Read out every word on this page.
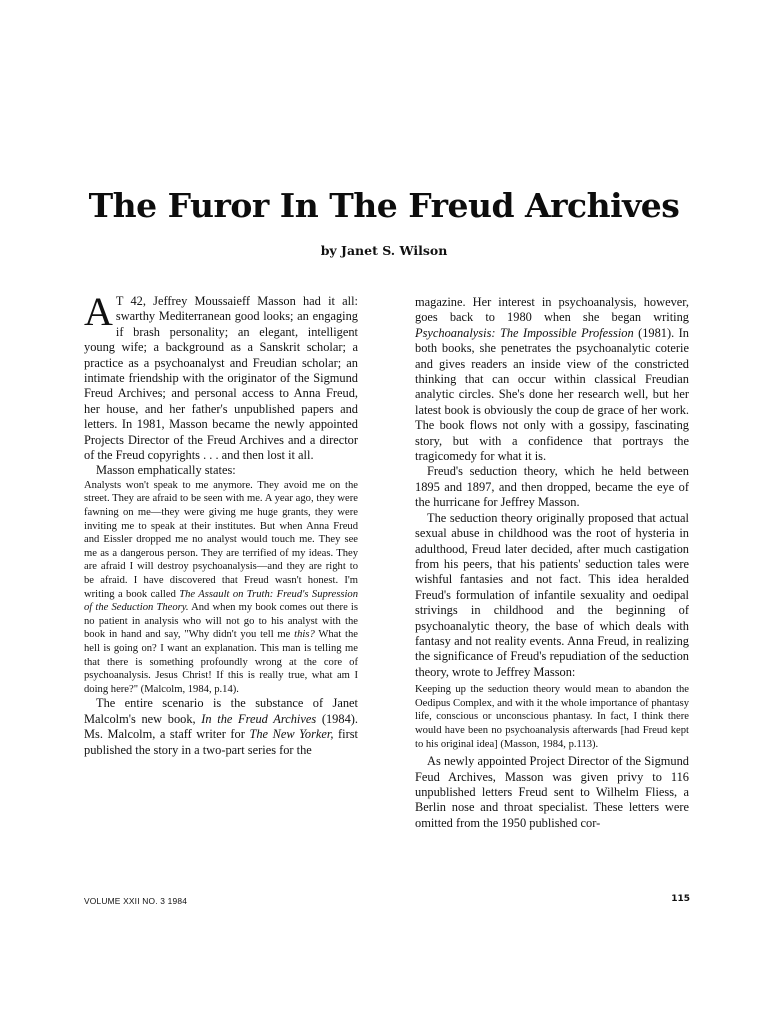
The Furor In The Freud Archives
by Janet S. Wilson

A T 42, Jeffrey Moussaieff Masson had it all: swarthy Mediterranean good looks; an engaging if brash personality; an elegant, intelligent young wife; a background as a Sanskrit scholar; a practice as a psychoanalyst and Freudian scholar; an intimate friendship with the originator of the Sigmund Freud Archives; and personal access to Anna Freud, her house, and her father's unpublished papers and letters. In 1981, Masson became the newly appointed Projects Director of the Freud Archives and a director of the Freud copyrights . . . and then lost it all.

Masson emphatically states:

Analysts won't speak to me anymore. They avoid me on the street. They are afraid to be seen with me. A year ago, they were fawning on me—they were giving me huge grants, they were inviting me to speak at their institutes. But when Anna Freud and Eissler dropped me no analyst would touch me. They see me as a dangerous person. They are terrified of my ideas. They are afraid I will destroy psychoanalysis—and they are right to be afraid. I have discovered that Freud wasn't honest. I'm writing a book called The Assault on Truth: Freud's Supression of the Seduction Theory. And when my book comes out there is no patient in analysis who will not go to his analyst with the book in hand and say, "Why didn't you tell me this? What the hell is going on? I want an explanation. This man is telling me that there is something profoundly wrong at the core of psychoanalysis. Jesus Christ! If this is really true, what am I doing here?" (Malcolm, 1984, p.14).

The entire scenario is the substance of Janet Malcolm's new book, In the Freud Archives (1984). Ms. Malcolm, a staff writer for The New Yorker, first published the story in a two-part series for the

magazine. Her interest in psychoanalysis, however, goes back to 1980 when she began writing Psychoanalysis: The Impossible Profession (1981). In both books, she penetrates the psychoanalytic coterie and gives readers an inside view of the constricted thinking that can occur within classical Freudian analytic circles. She's done her research well, but her latest book is obviously the coup de grace of her work. The book flows not only with a gossipy, fascinating story, but with a confidence that portrays the tragicomedy for what it is.

Freud's seduction theory, which he held between 1895 and 1897, and then dropped, became the eye of the hurricane for Jeffrey Masson.

The seduction theory originally proposed that actual sexual abuse in childhood was the root of hysteria in adulthood, Freud later decided, after much castigation from his peers, that his patients' seduction tales were wishful fantasies and not fact. This idea heralded Freud's formulation of infantile sexuality and oedipal strivings in childhood and the beginning of psychoanalytic theory, the base of which deals with fantasy and not reality events. Anna Freud, in realizing the significance of Freud's repudiation of the seduction theory, wrote to Jeffrey Masson:

Keeping up the seduction theory would mean to abandon the Oedipus Complex, and with it the whole importance of phantasy life, conscious or unconscious phantasy. In fact, I think there would have been no psychoanalysis afterwards [had Freud kept to his original idea] (Masson, 1984, p.113).

As newly appointed Project Director of the Sigmund Feud Archives, Masson was given privy to 116 unpublished letters Freud sent to Wilhelm Fliess, a Berlin nose and throat specialist. These letters were omitted from the 1950 published cor-

VOLUME XXII NO. 3 1984	115
